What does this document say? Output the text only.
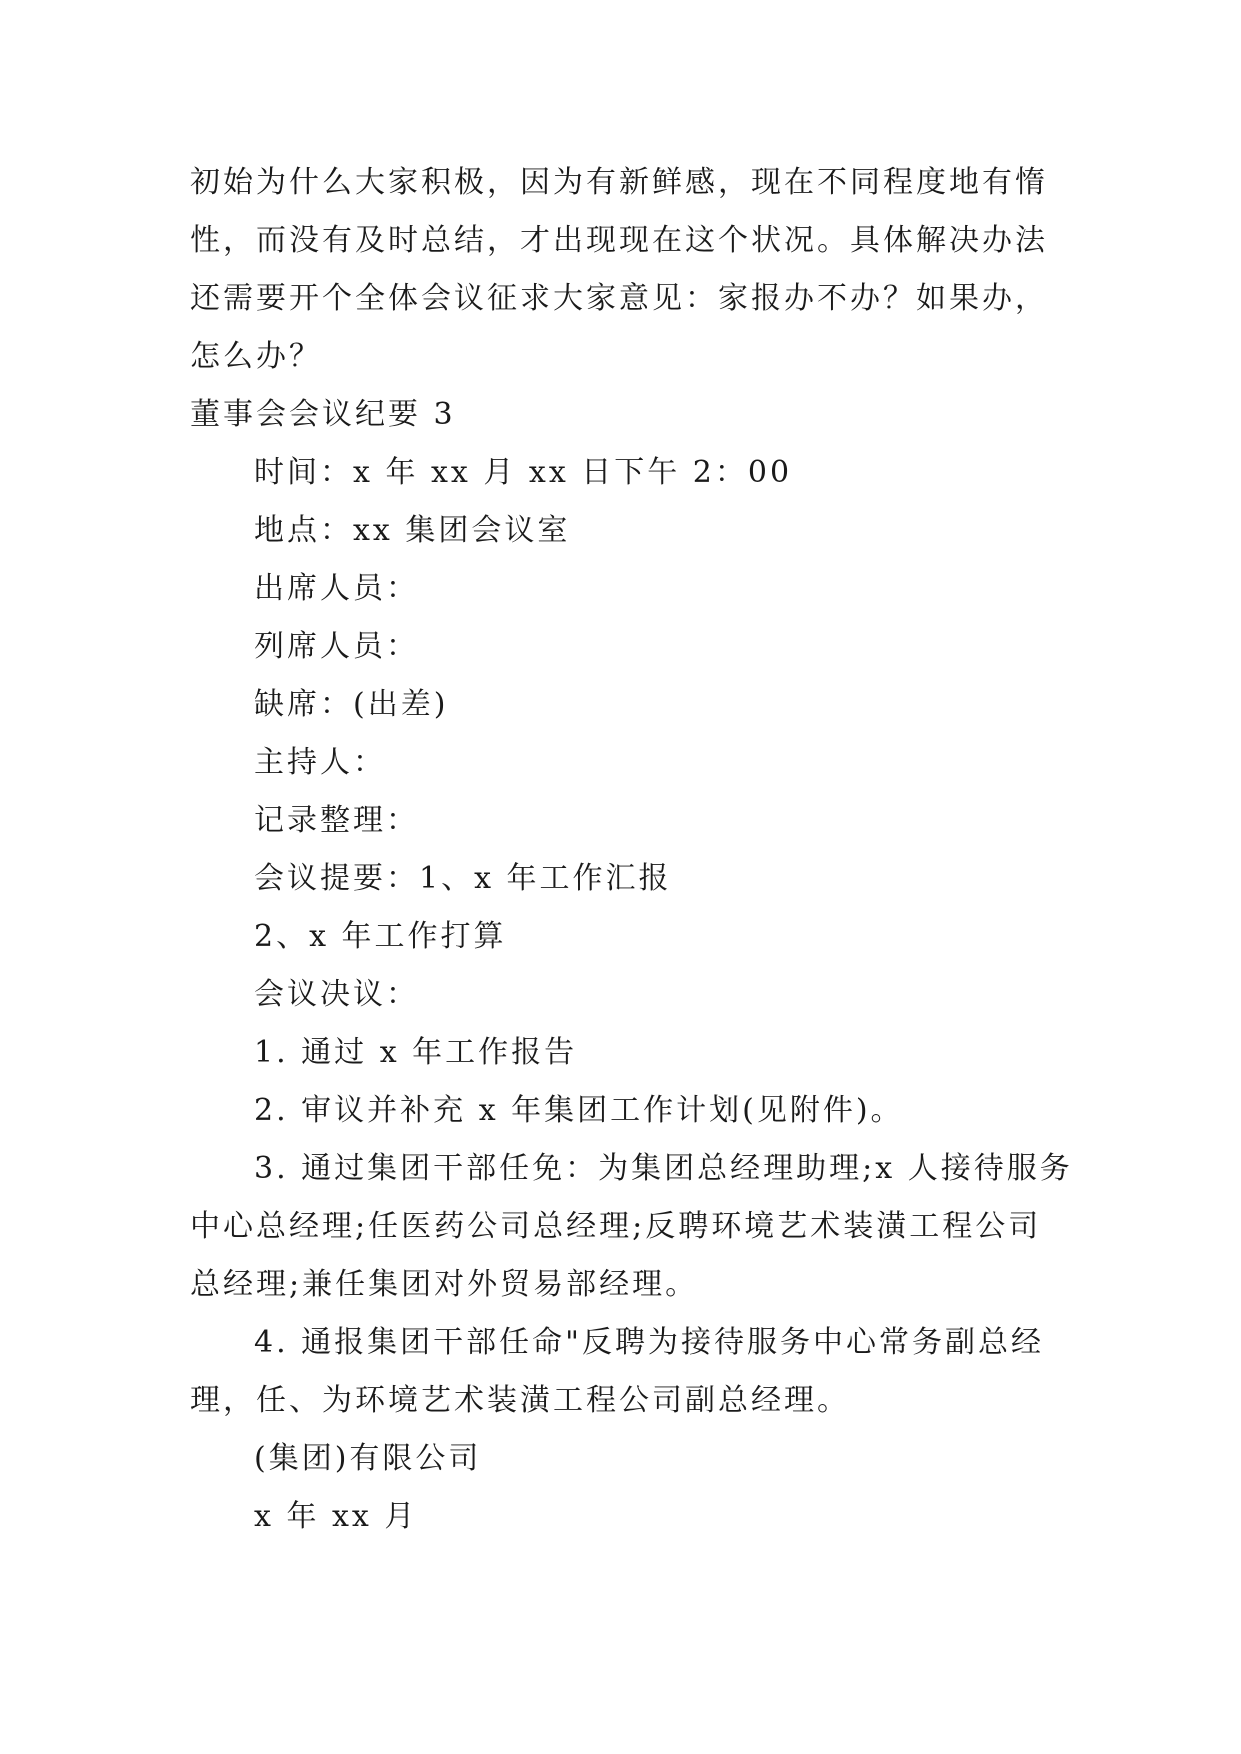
初始为什么大家积极，因为有新鲜感，现在不同程度地有惰
性，而没有及时总结，才出现现在这个状况。具体解决办法
还需要开个全体会议征求大家意见：家报办不办？如果办，
怎么办？

董事会会议纪要 3

时间：x 年 xx 月 xx 日下午 2：00

地点：xx 集团会议室

出席人员：

列席人员：

缺席：(出差)

主持人：

记录整理：

会议提要：1、x 年工作汇报

2、x 年工作打算

会议决议：

1. 通过 x 年工作报告

2. 审议并补充 x 年集团工作计划(见附件)。

3. 通过集团干部任免：为集团总经理助理;x 人接待服务
中心总经理;任医药公司总经理;反聘环境艺术装潢工程公司
总经理;兼任集团对外贸易部经理。

4. 通报集团干部任命"反聘为接待服务中心常务副总经
理，任、为环境艺术装潢工程公司副总经理。

(集团)有限公司

x 年 xx 月
